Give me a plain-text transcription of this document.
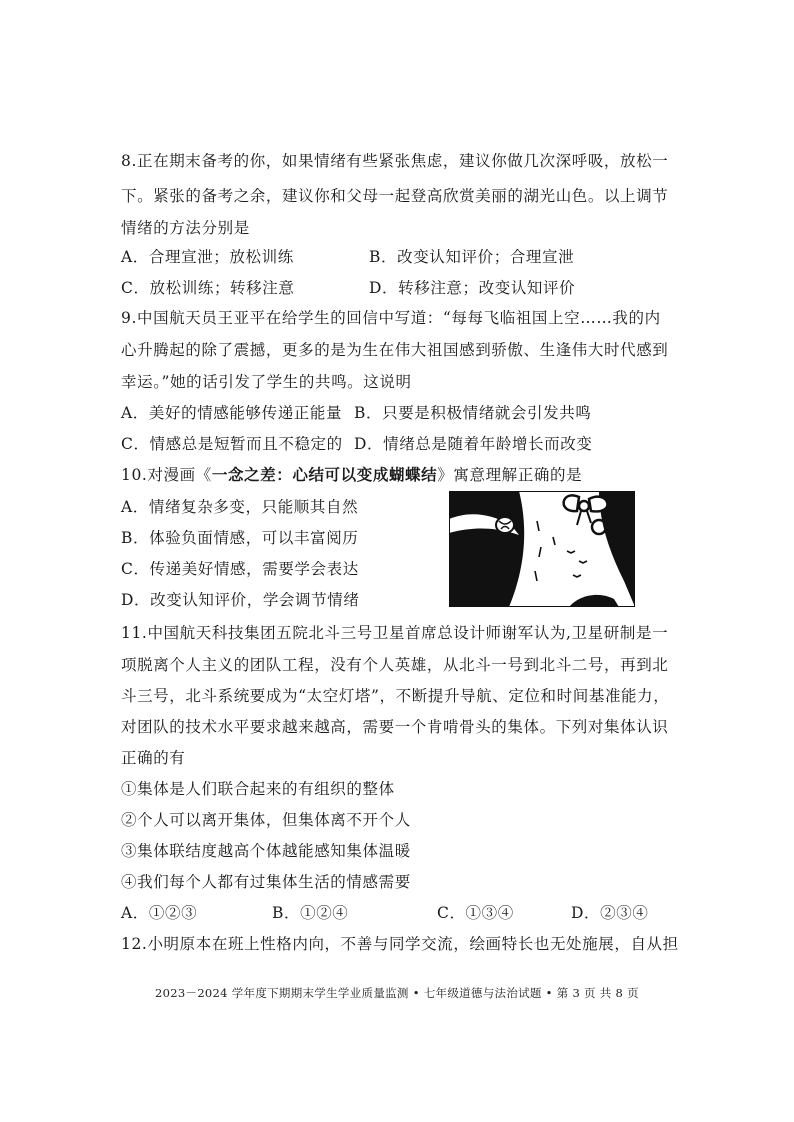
8.正在期末备考的你，如果情绪有些紧张焦虑，建议你做几次深呼吸，放松一
下。紧张的备考之余，建议你和父母一起登高欣赏美丽的湖光山色。以上调节
情绪的方法分别是
A．合理宣泄；放松训练	B．改变认知评价；合理宣泄
C．放松训练；转移注意	D．转移注意；改变认知评价
9.中国航天员王亚平在给学生的回信中写道：“每每飞临祖国上空……我的内
心升腾起的除了震撼，更多的是为生在伟大祖国感到骄傲、生逢伟大时代感到
幸运。”她的话引发了学生的共鸣。这说明
A．美好的情感能够传递正能量 B．只要是积极情绪就会引发共鸣
C．情感总是短暂而且不稳定的 D．情绪总是随着年龄增长而改变
10.对漫画《一念之差：心结可以变成蝴蝶结》寓意理解正确的是
A．情绪复杂多变，只能顺其自然
B．体验负面情感，可以丰富阅历
C．传递美好情感，需要学会表达
D．改变认知评价，学会调节情绪
11.中国航天科技集团五院北斗三号卫星首席总设计师谢军认为,卫星研制是一
项脱离个人主义的团队工程，没有个人英雄，从北斗一号到北斗二号，再到北
斗三号，北斗系统要成为“太空灯塔”，不断提升导航、定位和时间基准能力，
对团队的技术水平要求越来越高，需要一个肯啃骨头的集体。下列对集体认识
正确的有
①集体是人们联合起来的有组织的整体
②个人可以离开集体，但集体离不开个人
③集体联结度越高个体越能感知集体温暖
④我们每个人都有过集体生活的情感需要
A．①②③	B．①②④	C．①③④	D．②③④
12.小明原本在班上性格内向，不善与同学交流，绘画特长也无处施展，自从担
2023－2024 学年度下期期末学生学业质量监测 • 七年级道德与法治试题 • 第 3 页 共 8 页
